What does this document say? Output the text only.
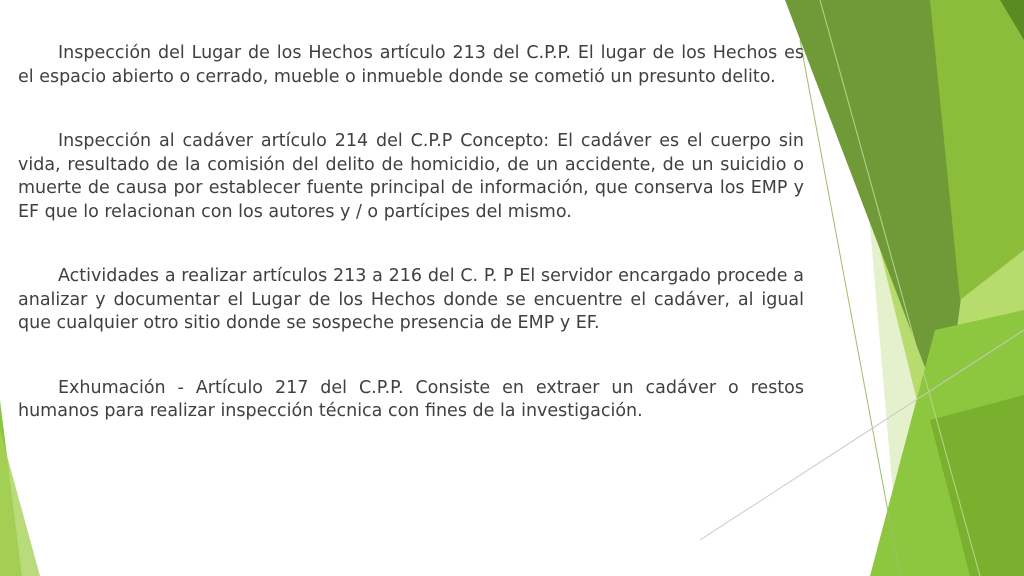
Inspección del Lugar de los Hechos artículo 213 del C.P.P. El lugar de los Hechos es el espacio abierto o cerrado, mueble o inmueble donde se cometió un presunto delito.

Inspección al cadáver artículo 214 del C.P.P Concepto: El cadáver es el cuerpo sin vida, resultado de la comisión del delito de homicidio, de un accidente, de un suicidio o muerte de causa por establecer fuente principal de información, que conserva los EMP y EF que lo relacionan con los autores y / o partícipes del mismo.

Actividades a realizar artículos 213 a 216 del C. P. P El servidor encargado procede a analizar y documentar el Lugar de los Hechos donde se encuentre el cadáver, al igual que cualquier otro sitio donde se sospeche presencia de EMP y EF.

Exhumación - Artículo 217 del C.P.P. Consiste en extraer un cadáver o restos humanos para realizar inspección técnica con fines de la investigación.
